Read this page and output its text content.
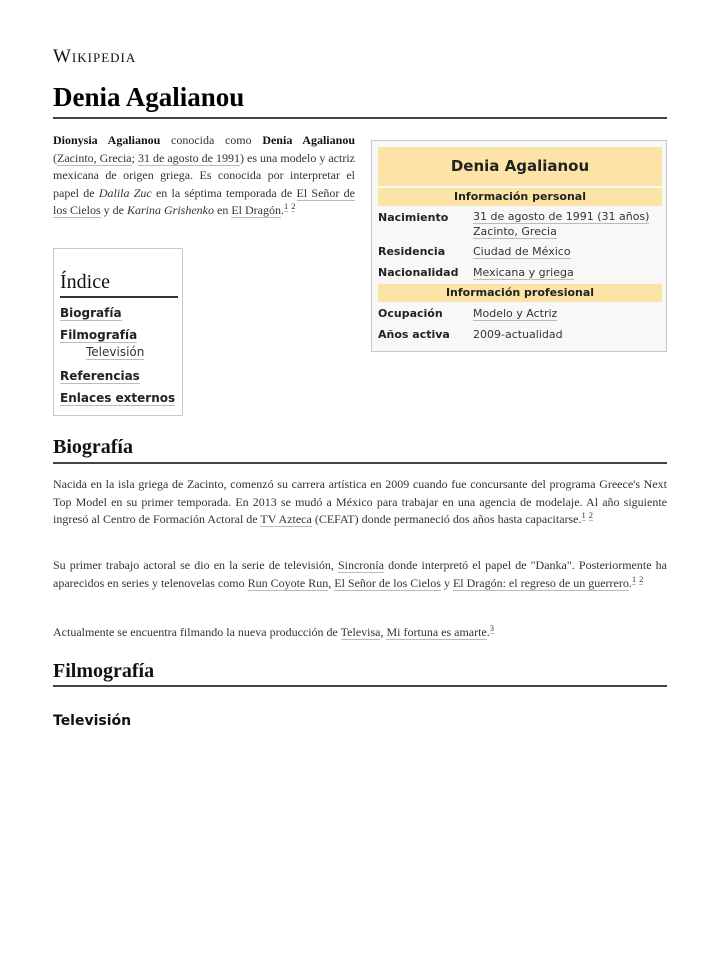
Wikipedia
Denia Agalianou
Dionysia Agalianou conocida como Denia Agalianou (Zacinto, Grecia; 31 de agosto de 1991) es una modelo y actriz mexicana de origen griega. Es conocida por interpretar el papel de Dalila Zuc en la séptima temporada de El Señor de los Cielos y de Karina Grishenko en El Dragón.$^1$ $^2$
Índice
Biografía
Filmografía
Televisión
Referencias
Enlaces externos
Denia Agalianou
Información personal
Nacimiento 31 de agosto de 1991 (31 años)
Zacinto, Grecia
Residencia	Ciudad de México
Nacionalidad Mexicana y griega
Información profesional
Ocupación	Modelo y Actriz
Años activa 2009-actualidad
Biografía
Nacida en la isla griega de Zacinto, comenzó su carrera artística en 2009 cuando fue concursante del programa Greece's Next Top Model en su primer temporada. En 2013 se mudó a México para trabajar en una agencia de modelaje. Al año siguiente ingresó al Centro de Formación Actoral de TV Azteca (CEFAT) donde permaneció dos años hasta capacitarse.$^1$ $^2$
Su primer trabajo actoral se dio en la serie de televisión, Sincronía donde interpretó el papel de "Danka". Posteriormente ha aparecidos en series y telenovelas como Run Coyote Run, El Señor de los Cielos y El Dragón: el regreso de un guerrero.$^1$ $^2$
Actualmente se encuentra filmando la nueva producción de Televisa, Mi fortuna es amarte.$^3$
Filmografía
Televisión
